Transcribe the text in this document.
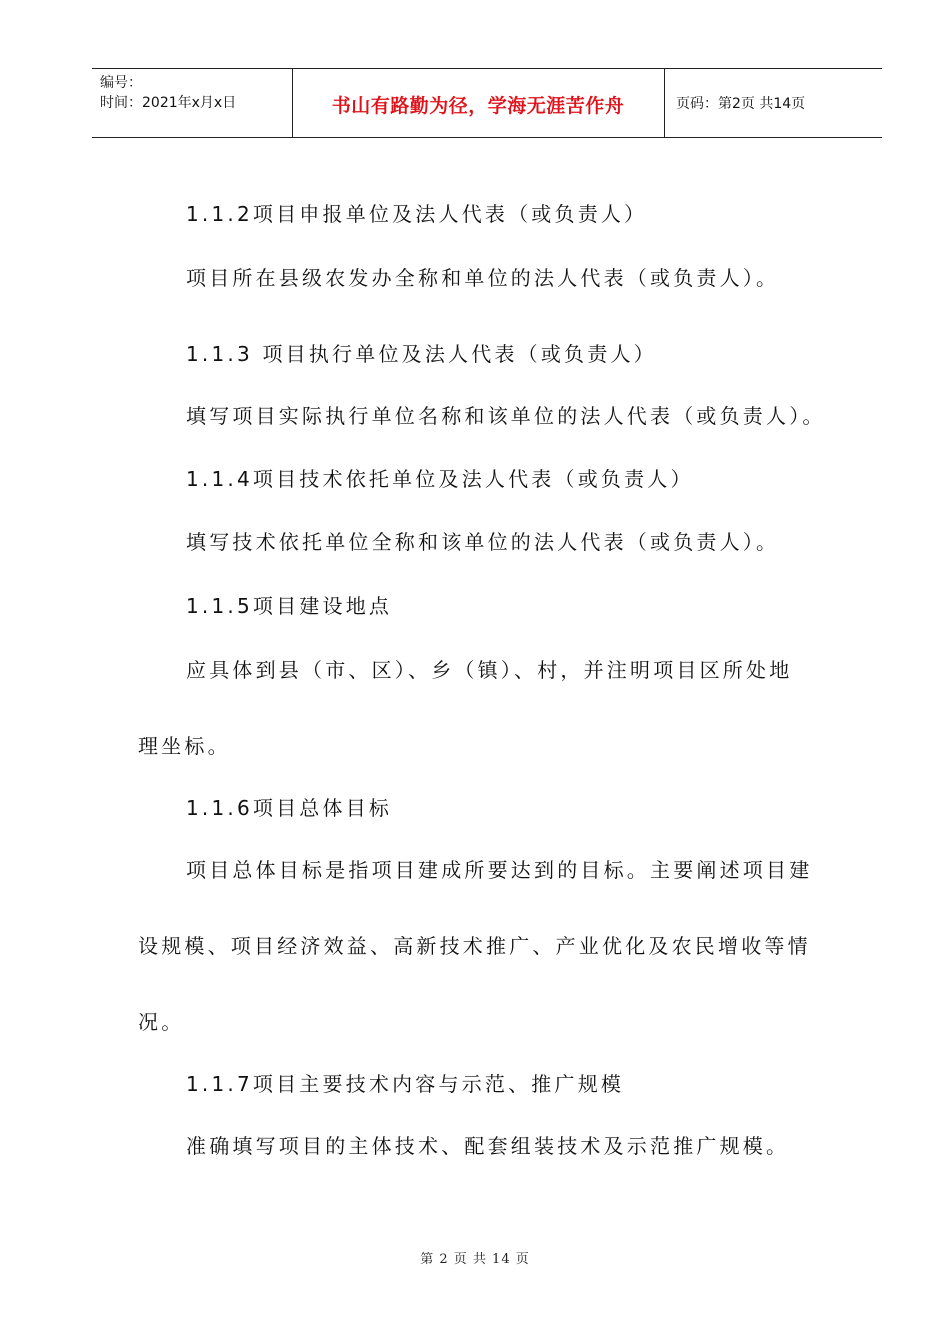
编号：
时间：2021年x月x日	书山有路勤为径，学海无涯苦作舟	页码：第2页 共14页
1.1.2项目申报单位及法人代表（或负责人）
项目所在县级农发办全称和单位的法人代表（或负责人）。
1.1.3 项目执行单位及法人代表（或负责人）
填写项目实际执行单位名称和该单位的法人代表（或负责人）。
1.1.4项目技术依托单位及法人代表（或负责人）
填写技术依托单位全称和该单位的法人代表（或负责人）。
1.1.5项目建设地点
应具体到县（市、区）、乡（镇）、村，并注明项目区所处地
理坐标。
1.1.6项目总体目标
项目总体目标是指项目建成所要达到的目标。主要阐述项目建
设规模、项目经济效益、高新技术推广、产业优化及农民增收等情
况。
1.1.7项目主要技术内容与示范、推广规模
准确填写项目的主体技术、配套组装技术及示范推广规模。
第 2 页 共 14 页
